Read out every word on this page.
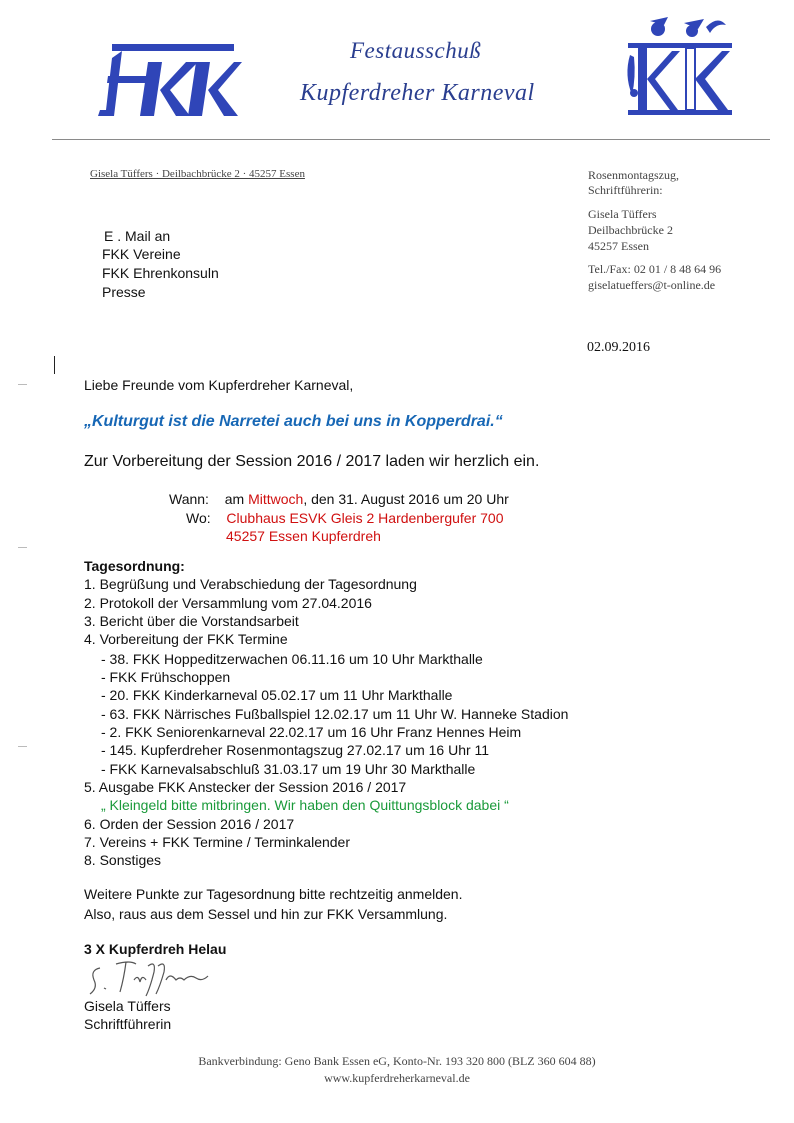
Festausschuß
Kupferdreher Karneval
Gisela Tüffers · Deilbachbrücke 2 · 45257 Essen	Rosenmontagszug,
Schriftführerin:
Gisela Tüffers
Deilbachbrücke 2
45257 Essen
Tel./Fax: 02 01 / 8 48 64 96
giselatueffers@t-online.de
E . Mail an
FKK Vereine
FKK Ehrenkonsuln
Presse
02.09.2016
Liebe Freunde vom Kupferdreher Karneval,
„Kulturgut ist die Narretei auch bei uns in Kopperdrai.“
Zur Vorbereitung der Session 2016 / 2017 laden wir herzlich ein.
Wann: am Mittwoch, den 31. August 2016 um 20 Uhr
Wo: Clubhaus ESVK Gleis 2 Hardenbergufer 700
45257 Essen Kupferdreh
Tagesordnung:
1. Begrüßung und Verabschiedung der Tagesordnung
2. Protokoll der Versammlung vom 27.04.2016
3. Bericht über die Vorstandsarbeit
4. Vorbereitung der FKK Termine
- 38. FKK Hoppeditzerwachen 06.11.16 um 10 Uhr Markthalle
- FKK Frühschoppen
- 20. FKK Kinderkarneval 05.02.17 um 11 Uhr Markthalle
- 63. FKK Närrisches Fußballspiel 12.02.17 um 11 Uhr W. Hanneke Stadion
- 2. FKK Seniorenkarneval 22.02.17 um 16 Uhr Franz Hennes Heim
- 145. Kupferdreher Rosenmontagszug 27.02.17 um 16 Uhr 11
- FKK Karnevalsabschluß 31.03.17 um 19 Uhr 30 Markthalle
5. Ausgabe FKK Anstecker der Session 2016 / 2017
„ Kleingeld bitte mitbringen. Wir haben den Quittungsblock dabei “
6. Orden der Session 2016 / 2017
7. Vereins + FKK Termine / Terminkalender
8. Sonstiges
Weitere Punkte zur Tagesordnung bitte rechtzeitig anmelden.
Also, raus aus dem Sessel und hin zur FKK Versammlung.
3 X Kupferdreh Helau
Gisela Tüffers
Schriftführerin
Bankverbindung: Geno Bank Essen eG, Konto-Nr. 193 320 800 (BLZ 360 604 88)
www.kupferdreherkarneval.de
